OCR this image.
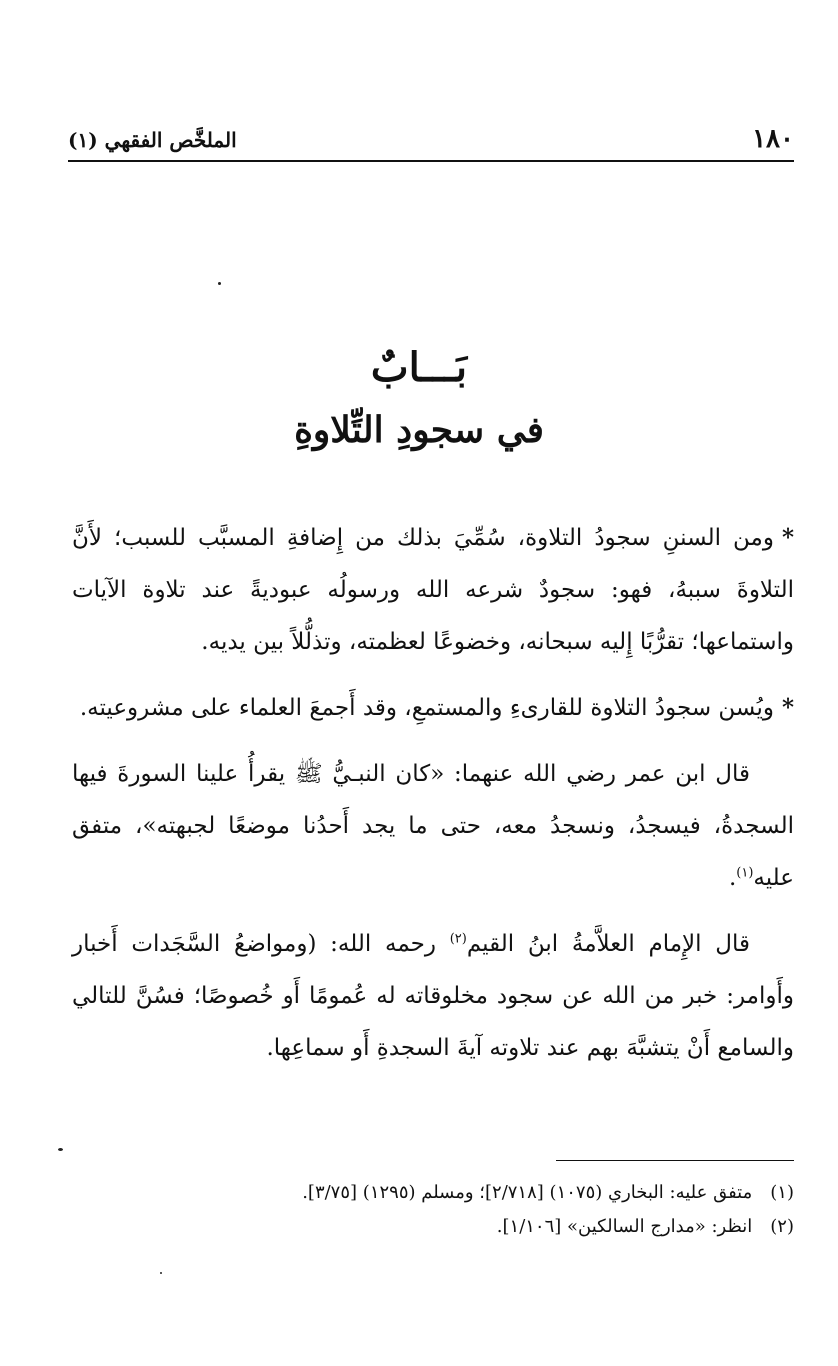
١٨٠
الملخَّص الفقهي (١)
بَـــابٌ
في سجودِ التِّلاوةِ

*ومن السننِ سجودُ التلاوة، سُمِّيَ بذلك من إِضافةِ المسبَّب للسبب؛ لأَنَّ التلاوةَ سببهُ، فهو: سجودٌ شرعه الله ورسولُه عبوديةً عند تلاوة الآيات واستماعها؛ تقرُّبًا إِليه سبحانه، وخضوعًا لعظمته، وتذلُّلاً بين يديه.

*ويُسن سجودُ التلاوة للقارىءِ والمستمعِ، وقد أَجمعَ العلماء على مشروعيته.

قال ابن عمر رضي الله عنهما: «كان النبـيُّ ﷺ يقرأُ علينا السورةَ فيها السجدةُ، فيسجدُ، ونسجدُ معه، حتى ما يجد أَحدُنا موضعًا لجبهته»، متفق عليه$^{(١)}$.

قال الإِمام العلاَّمةُ ابنُ القيم$^{(٢)}$ رحمه الله: (ومواضعُ السَّجَدات أَخبار وأَوامر: خبر من الله عن سجود مخلوقاته له عُمومًا أَو خُصوصًا؛ فسُنَّ للتالي والسامع أَنْ يتشبَّهَ بهم عند تلاوته آيةَ السجدةِ أَو سماعِها.

(١)متفق عليه: البخاري (١٠٧٥) [٢/٧١٨]؛ ومسلم (١٢٩٥) [٣/٧٥].

(٢)انظر: «مدارج السالكين» [١/١٠٦].
